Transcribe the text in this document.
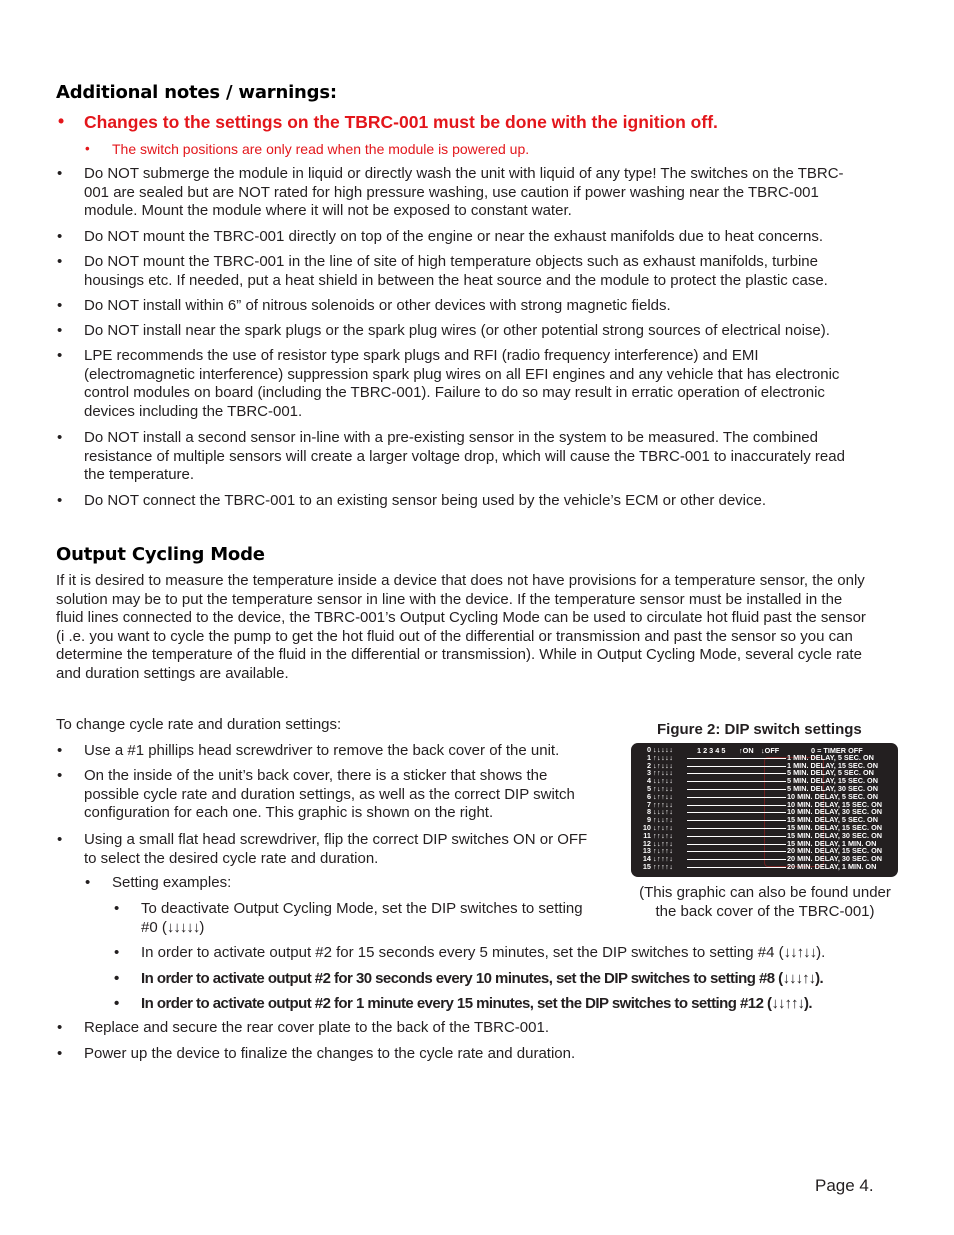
Additional notes / warnings:
• Changes to the settings on the TBRC-001 must be done with the ignition off.
• The switch positions are only read when the module is powered up.
• Do NOT submerge the module in liquid or directly wash the unit with liquid of any type! The switches on the TBRC-
001 are sealed but are NOT rated for high pressure washing, use caution if power washing near the TBRC-001
module. Mount the module where it will not be exposed to constant water.
• Do NOT mount the TBRC-001 directly on top of the engine or near the exhaust manifolds due to heat concerns.
• Do NOT mount the TBRC-001 in the line of site of high temperature objects such as exhaust manifolds, turbine
housings etc. If needed, put a heat shield in between the heat source and the module to protect the plastic case.
• Do NOT install within 6” of nitrous solenoids or other devices with strong magnetic fields.
• Do NOT install near the spark plugs or the spark plug wires (or other potential strong sources of electrical noise).
• LPE recommends the use of resistor type spark plugs and RFI (radio frequency interference) and EMI
(electromagnetic interference) suppression spark plug wires on all EFI engines and any vehicle that has electronic
control modules on board (including the TBRC-001). Failure to do so may result in erratic operation of electronic
devices including the TBRC-001.
• Do NOT install a second sensor in-line with a pre-existing sensor in the system to be measured. The combined
resistance of multiple sensors will create a larger voltage drop, which will cause the TBRC-001 to inaccurately read
the temperature.
• Do NOT connect the TBRC-001 to an existing sensor being used by the vehicle’s ECM or other device.
Output Cycling Mode
If it is desired to measure the temperature inside a device that does not have provisions for a temperature sensor, the only
solution may be to put the temperature sensor in line with the device. If the temperature sensor must be installed in the
fluid lines connected to the device, the TBRC-001’s Output Cycling Mode can be used to circulate hot fluid past the sensor
(i .e. you want to cycle the pump to get the hot fluid out of the differential or transmission and past the sensor so you can
determine the temperature of the fluid in the differential or transmission). While in Output Cycling Mode, several cycle rate
and duration settings are available.
To change cycle rate and duration settings:
• Use a #1 phillips head screwdriver to remove the back cover of the unit.
• On the inside of the unit’s back cover, there is a sticker that shows the
possible cycle rate and duration settings, as well as the correct DIP switch
configuration for each one. This graphic is shown on the right.
• Using a small flat head screwdriver, flip the correct DIP switches ON or OFF
to select the desired cycle rate and duration.
• Setting examples:
• To deactivate Output Cycling Mode, set the DIP switches to setting
#0 (↓↓↓↓↓)
• In order to activate output #2 for 15 seconds every 5 minutes, set the DIP switches to setting #4 (↓↓↑↓↓).
• In order to activate output #2 for 30 seconds every 10 minutes, set the DIP switches to setting #8 (↓↓↓↑↓).
• In order to activate output #2 for 1 minute every 15 minutes, set the DIP switches to setting #12 (↓↓↑↑↓).
• Replace and secure the rear cover plate to the back of the TBRC-001.
• Power up the device to finalize the changes to the cycle rate and duration.
Figure 2: DIP switch settings
1 2 3 4 5 ↑ON ↓OFF	0 = TIMER OFF
0 ↓↓↓↓↓
1 ↑↓↓↓↓	1 MIN. DELAY, 5 SEC. ON
2 ↓↑↓↓↓	1 MIN. DELAY, 15 SEC. ON
3 ↑↑↓↓↓	5 MIN. DELAY, 5 SEC. ON
4 ↓↓↑↓↓	5 MIN. DELAY, 15 SEC. ON
5 ↑↓↑↓↓	5 MIN. DELAY, 30 SEC. ON
6 ↓↑↑↓↓	10 MIN. DELAY, 5 SEC. ON
7 ↑↑↑↓↓	10 MIN. DELAY, 15 SEC. ON
8 ↓↓↓↑↓	10 MIN. DELAY, 30 SEC. ON
9 ↑↓↓↑↓	15 MIN. DELAY, 5 SEC. ON
10 ↓↑↓↑↓	15 MIN. DELAY, 15 SEC. ON
11 ↑↑↓↑↓	15 MIN. DELAY, 30 SEC. ON
12 ↓↓↑↑↓	15 MIN. DELAY, 1 MIN. ON
13 ↑↓↑↑↓	20 MIN. DELAY, 15 SEC. ON
14 ↓↑↑↑↓	20 MIN. DELAY, 30 SEC. ON
15 ↑↑↑↑↓	20 MIN. DELAY, 1 MIN. ON
(This graphic can also be found under
the back cover of the TBRC-001)
Page 4.
